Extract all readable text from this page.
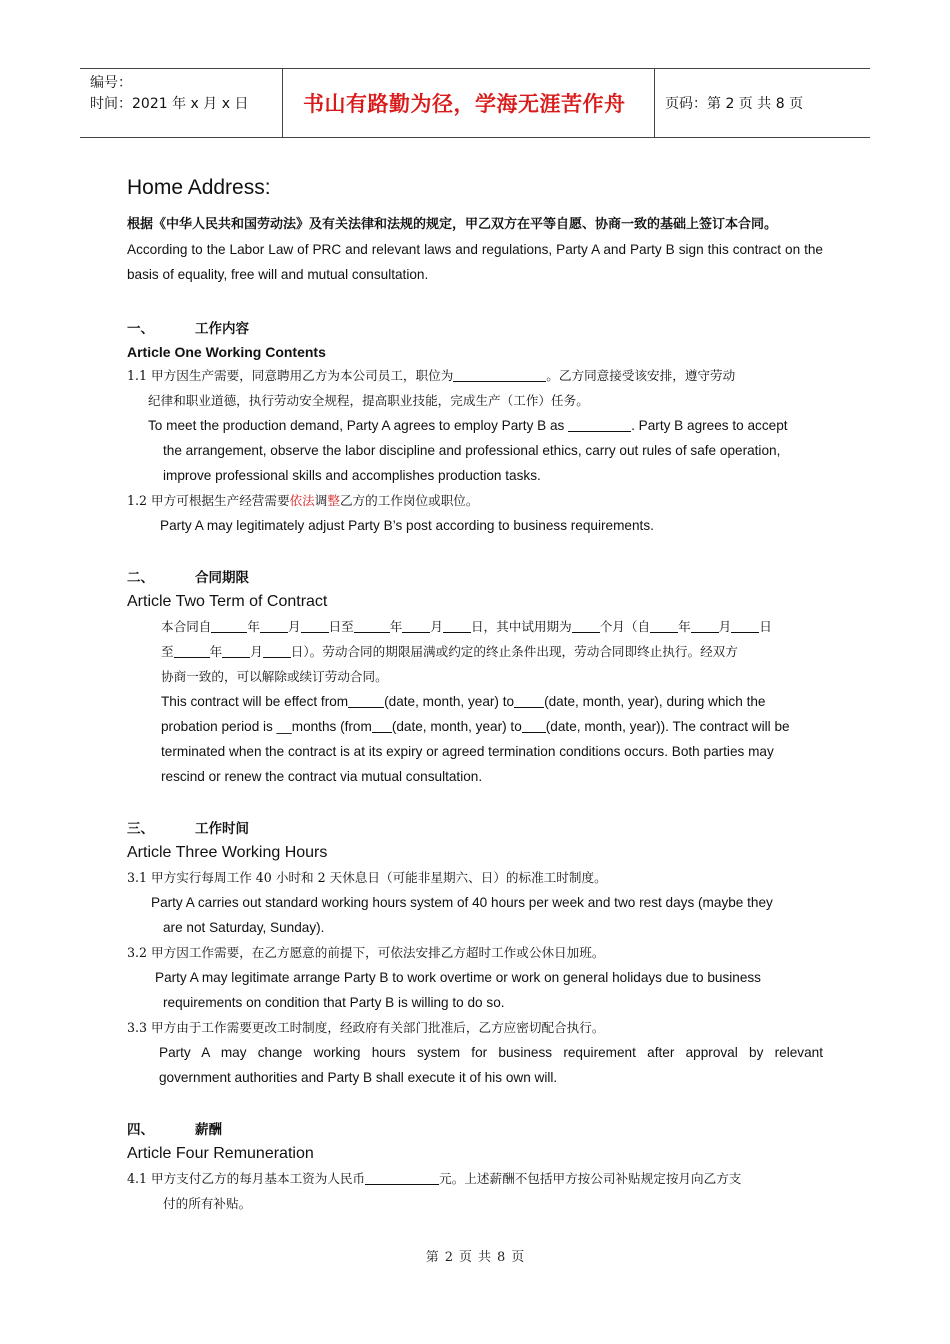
编号：
时间：2021 年 x 月 x 日	书山有路勤为径，学海无涯苦作舟	页码：第 2 页 共 8 页
Home Address:
根据《中华人民共和国劳动法》及有关法律和法规的规定，甲乙双方在平等自愿、协商一致的基础上签订本合同。
According to the Labor Law of PRC and relevant laws and regulations, Party A and Party B sign this contract on the basis of equality, free will and mutual consultation.
一、	工作内容
Article One Working Contents
1.1 甲方因生产需要，同意聘用乙方为本公司员工，职位为	。乙方同意接受该安排，遵守劳动
纪律和职业道德，执行劳动安全规程，提高职业技能，完成生产（工作）任务。
To meet the production demand, Party A agrees to employ Party B as	. Party B agrees to accept
the arrangement, observe the labor discipline and professional ethics, carry out rules of safe operation,
improve professional skills and accomplishes production tasks.
1.2 甲方可根据生产经营需要依法调整乙方的工作岗位或职位。
Party A may legitimately adjust Party B’s post according to business requirements.
二、	合同期限
Article Two Term of Contract
本合同自	年 月 日至	年 月 日，其中试用期为 个月（自 年 月 日
至	年 月 日）。劳动合同的期限届满或约定的终止条件出现，劳动合同即终止执行。经双方
协商一致的，可以解除或续订劳动合同。
This contract will be effect from	(date, month, year) to (date, month, year), during which the
probation period is __months (from (date, month, year) to (date, month, year)). The contract will be
terminated when the contract is at its expiry or agreed termination conditions occurs. Both parties may
rescind or renew the contract via mutual consultation.
三、	工作时间
Article Three Working Hours
3.1 甲方实行每周工作 40 小时和 2 天休息日（可能非星期六、日）的标准工时制度。
Party A carries out standard working hours system of 40 hours per week and two rest days (maybe they
are not Saturday, Sunday).
3.2 甲方因工作需要，在乙方愿意的前提下，可依法安排乙方超时工作或公休日加班。
Party A may legitimate arrange Party B to work overtime or work on general holidays due to business
requirements on condition that Party B is willing to do so.
3.3 甲方由于工作需要更改工时制度，经政府有关部门批准后，乙方应密切配合执行。
Party A may change working hours system for business requirement after approval by relevant
government authorities and Party B shall execute it of his own will.
四、	薪酬
Article Four Remuneration
4.1 甲方支付乙方的每月基本工资为人民币	元。上述薪酬不包括甲方按公司补贴规定按月向乙方支
付的所有补贴。
第 2 页 共 8 页
